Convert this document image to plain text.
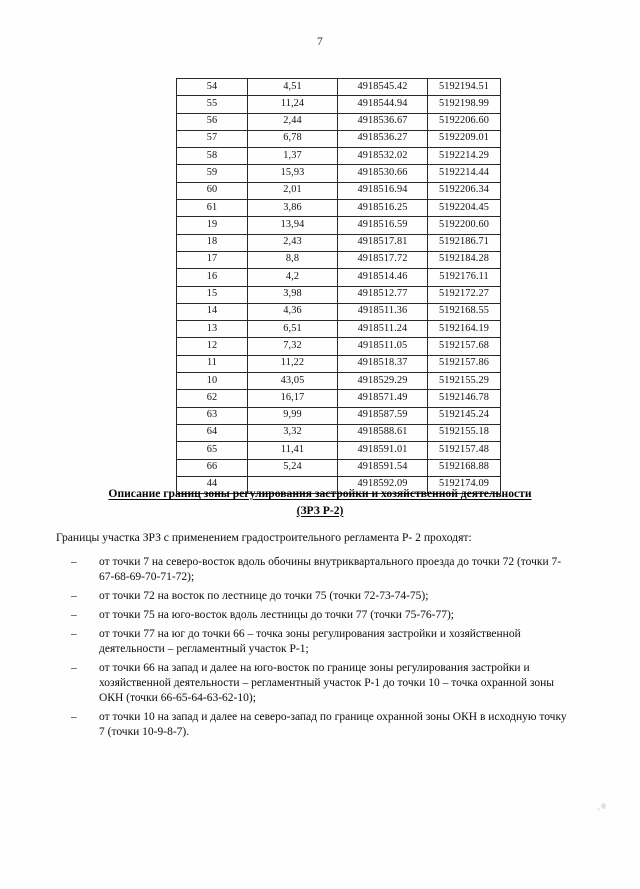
7
54	4,51	4918545.42	5192194.51
55	11,24	4918544.94	5192198.99
56	2,44	4918536.67	5192206.60
57	6,78	4918536.27	5192209.01
58	1,37	4918532.02	5192214.29
59	15,93	4918530.66	5192214.44
60	2,01	4918516.94	5192206.34
61	3,86	4918516.25	5192204.45
19	13,94	4918516.59	5192200.60
18	2,43	4918517.81	5192186.71
17	8,8	4918517.72	5192184.28
16	4,2	4918514.46	5192176.11
15	3,98	4918512.77	5192172.27
14	4,36	4918511.36	5192168.55
13	6,51	4918511.24	5192164.19
12	7,32	4918511.05	5192157.68
11	11,22	4918518.37	5192157.86
10	43,05	4918529.29	5192155.29
62	16,17	4918571.49	5192146.78
63	9,99	4918587.59	5192145.24
64	3,32	4918588.61	5192155.18
65	11,41	4918591.01	5192157.48
66	5,24	4918591.54	5192168.88
44		4918592.09	5192174.09
Описание границ зоны регулирования застройки и хозяйственной деятельности
(ЗРЗ Р-2)
Границы участка ЗРЗ с применением градостроительного регламента Р- 2 проходят:
–	от точки 7 на северо-восток вдоль обочины внутриквартального проезда до точки 72 (точки 7-67-68-69-70-71-72);
–	от точки 72 на восток по лестнице до точки 75 (точки 72-73-74-75);
–	от точки 75 на юго-восток вдоль лестницы до точки 77 (точки 75-76-77);
–	от точки 77 на юг до точки 66 – точка зоны регулирования застройки и хозяйственной деятельности – регламентный участок Р-1;
–	от точки 66 на запад и далее на юго-восток по границе зоны регулирования застройки и хозяйственной деятельности – регламентный участок Р-1 до точки 10 – точка охранной зоны ОКН (точки 66-65-64-63-62-10);
–	от точки 10 на запад и далее на северо-запад по границе охранной зоны ОКН в исходную точку 7 (точки 10-9-8-7).
